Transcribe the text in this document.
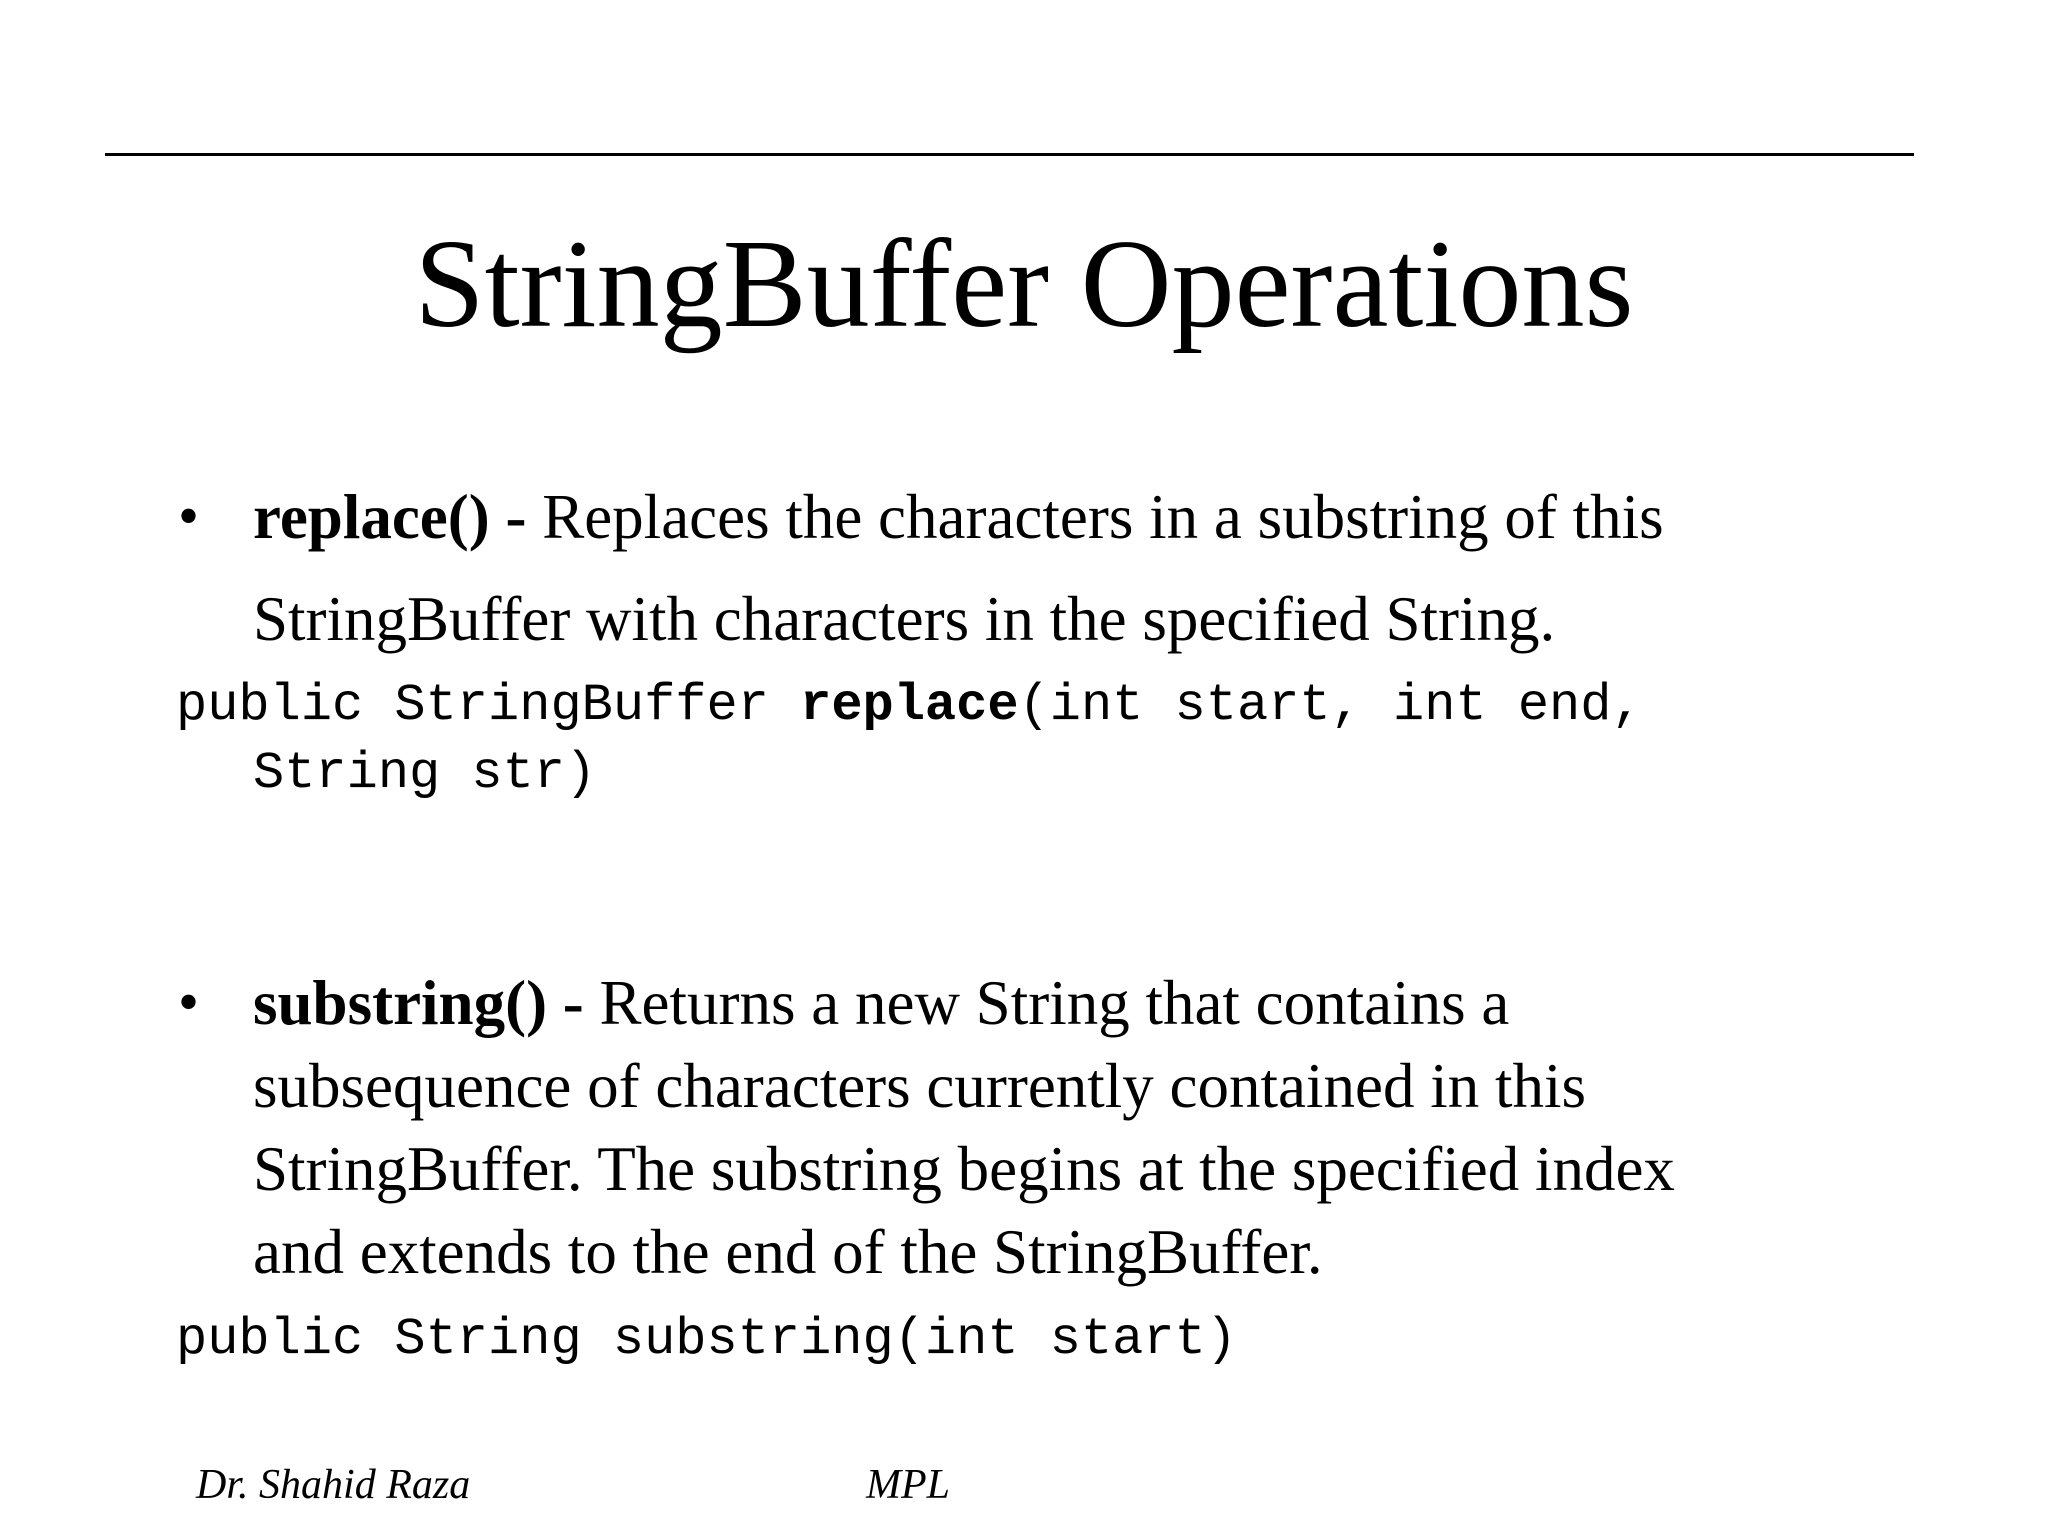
StringBuffer Operations
• replace() - Replaces the characters in a substring of this
StringBuffer with characters in the specified String.
public StringBuffer replace(int start, int end,
String str)
• substring() - Returns a new String that contains a
subsequence of characters currently contained in this
StringBuffer. The substring begins at the specified index
and extends to the end of the StringBuffer.
public String substring(int start)
Dr. Shahid Raza	MPL
